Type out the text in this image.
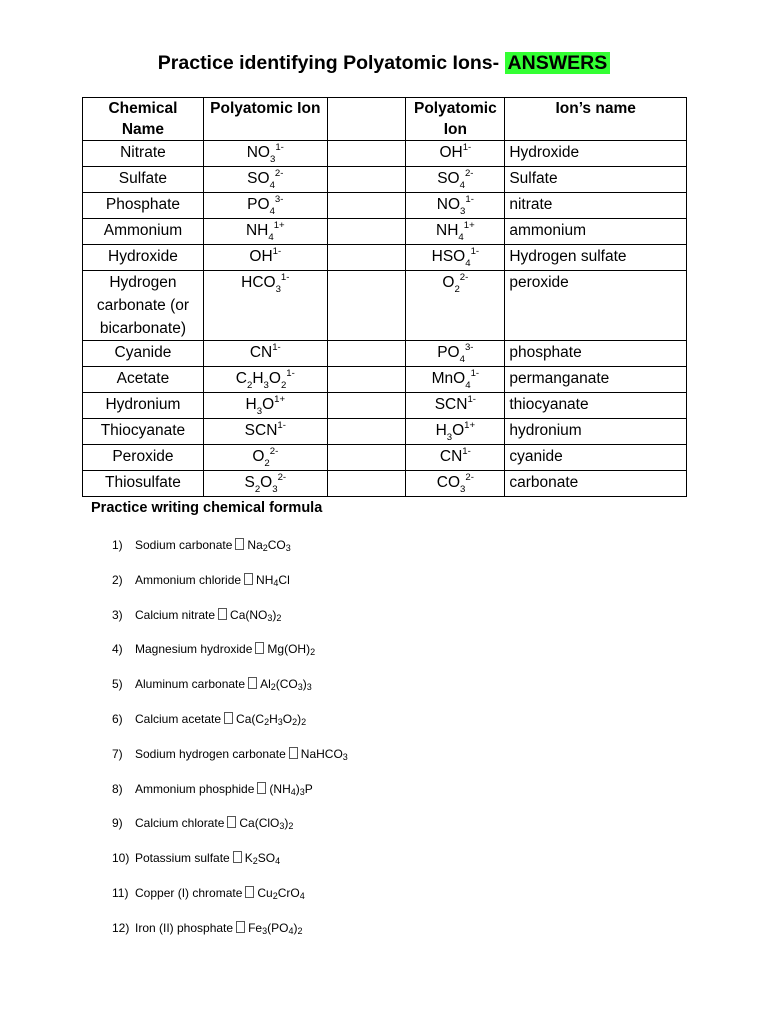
Practice identifying Polyatomic Ions- ANSWERS
Chemical Name	Polyatomic Ion		Polyatomic Ion	Ion’s name
Nitrate	$NO_3^{1-}$		$OH^{1-}$	Hydroxide
Sulfate	$SO_4^{2-}$		$SO_4^{2-}$	Sulfate
Phosphate	$PO_4^{3-}$		$NO_3^{1-}$	nitrate
Ammonium	$NH_4^{1+}$		$NH_4^{1+}$	ammonium
Hydroxide	$OH^{1-}$		$HSO_4^{1-}$	Hydrogen sulfate
Hydrogen carbonate (or bicarbonate)	$HCO_3^{1-}$		$O_2^{2-}$	peroxide
Cyanide	$CN^{1-}$		$PO_4^{3-}$	phosphate
Acetate	$C_2H_3O_2^{1-}$		MnO$_4^{1-}$	permanganate
Hydronium	$H_3O^{1+}$		$SCN^{1-}$	thiocyanate
Thiocyanate	$SCN^{1-}$		$H_3O^{1+}$	hydronium
Peroxide	$O_2^{2-}$		$CN^{1-}$	cyanide
Thiosulfate	$S_2O_3^{2-}$		$CO_3^{2-}$	carbonate
Practice writing chemical formula
1) Sodium carbonate Na2CO3
2) Ammonium chloride NH4Cl
3) Calcium nitrate Ca(NO3)2
4) Magnesium hydroxide Mg(OH)2
5) Aluminum carbonate Al2(CO3)3
6) Calcium acetate Ca(C2H3O2)2
7) Sodium hydrogen carbonate NaHCO3
8) Ammonium phosphide (NH4)3P
9) Calcium chlorate Ca(ClO3)2
10) Potassium sulfate K2SO4
11) Copper (I) chromate Cu2CrO4
12) Iron (II) phosphate Fe3(PO4)2
